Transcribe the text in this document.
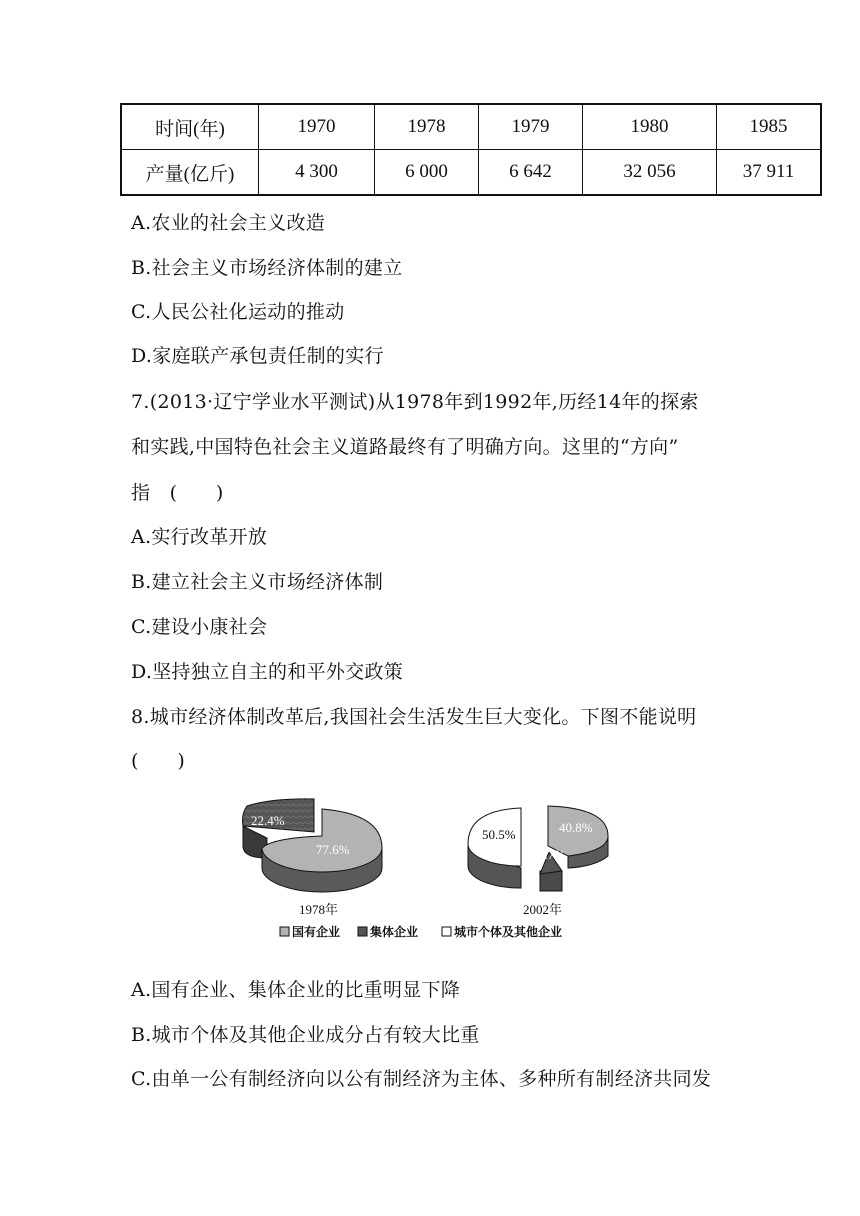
时间(年)	1970	1978	1979	1980	1985
产量(亿斤)	4 300	6 000	6 642	32 056	37 911
A.农业的社会主义改造
B.社会主义市场经济体制的建立
C.人民公社化运动的推动
D.家庭联产承包责任制的实行
7.(2013·辽宁学业水平测试)从1978年到1992年,历经14年的探索
和实践,中国特色社会主义道路最终有了明确方向。这里的“方向”
指　(　　)
A.实行改革开放
B.建立社会主义市场经济体制
C.建设小康社会
D.坚持独立自主的和平外交政策
8.城市经济体制改革后,我国社会生活发生巨大变化。下图不能说明
(　　)
22.4%
77.6%
1978年
50.5%	40.8%
8.7%
2002年
国有企业 集体企业	城市个体及其他企业
A.国有企业、集体企业的比重明显下降
B.城市个体及其他企业成分占有较大比重
C.由单一公有制经济向以公有制经济为主体、多种所有制经济共同发
